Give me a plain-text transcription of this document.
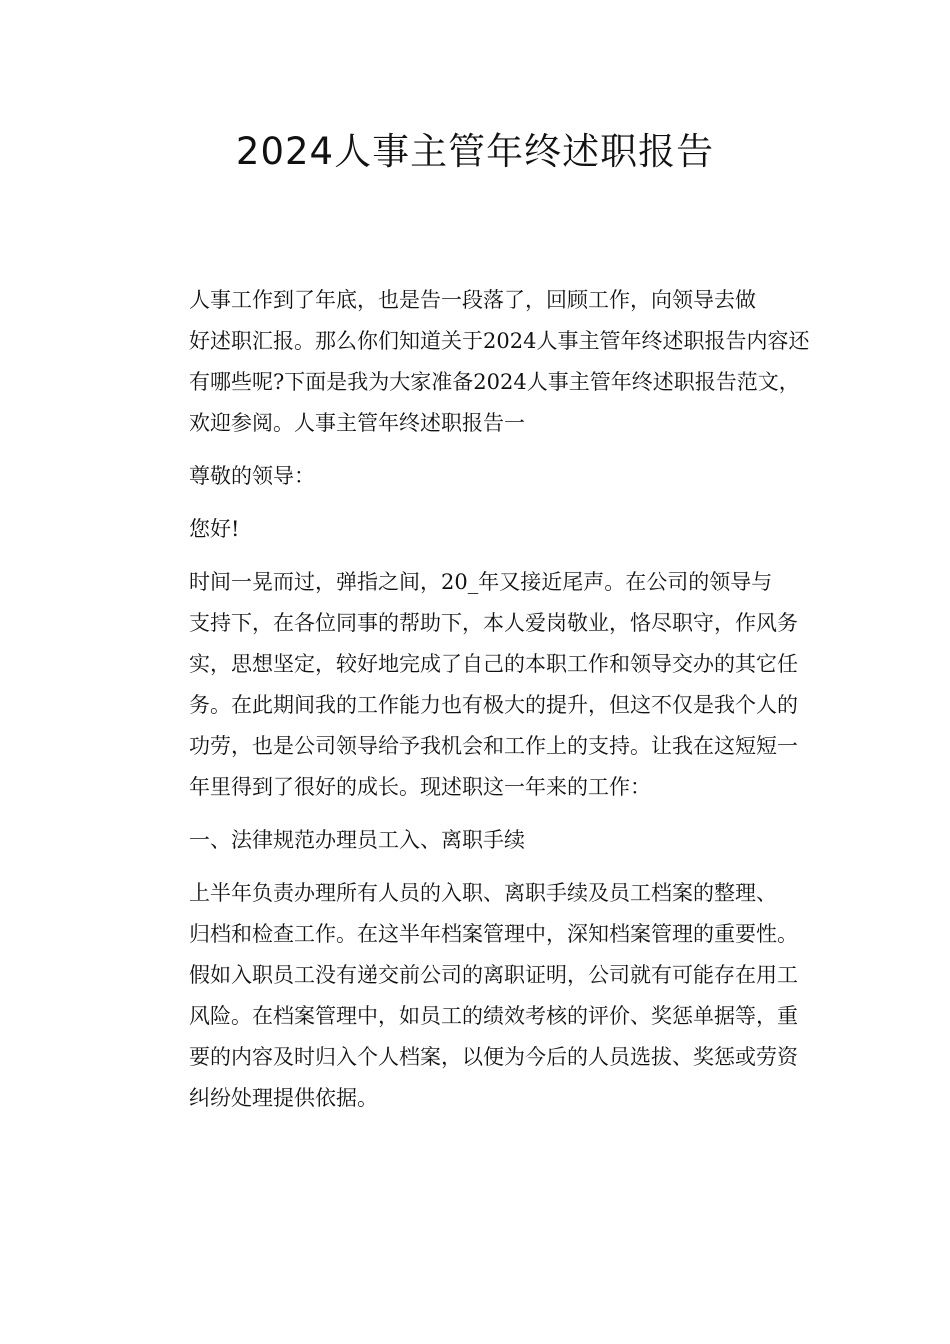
2024人事主管年终述职报告

人事工作到了年底，也是告一段落了，回顾工作，向领导去做
好述职汇报。那么你们知道关于2024人事主管年终述职报告内容还
有哪些呢?下面是我为大家准备2024人事主管年终述职报告范文，
欢迎参阅。人事主管年终述职报告一

尊敬的领导：

您好!

时间一晃而过，弹指之间，20_年又接近尾声。在公司的领导与
支持下，在各位同事的帮助下，本人爱岗敬业，恪尽职守，作风务
实，思想坚定，较好地完成了自己的本职工作和领导交办的其它任
务。在此期间我的工作能力也有极大的提升，但这不仅是我个人的
功劳，也是公司领导给予我机会和工作上的支持。让我在这短短一
年里得到了很好的成长。现述职这一年来的工作：

一、法律规范办理员工入、离职手续

上半年负责办理所有人员的入职、离职手续及员工档案的整理、
归档和检查工作。在这半年档案管理中，深知档案管理的重要性。
假如入职员工没有递交前公司的离职证明，公司就有可能存在用工
风险。在档案管理中，如员工的绩效考核的评价、奖惩单据等，重
要的内容及时归入个人档案，以便为今后的人员选拔、奖惩或劳资
纠纷处理提供依据。
